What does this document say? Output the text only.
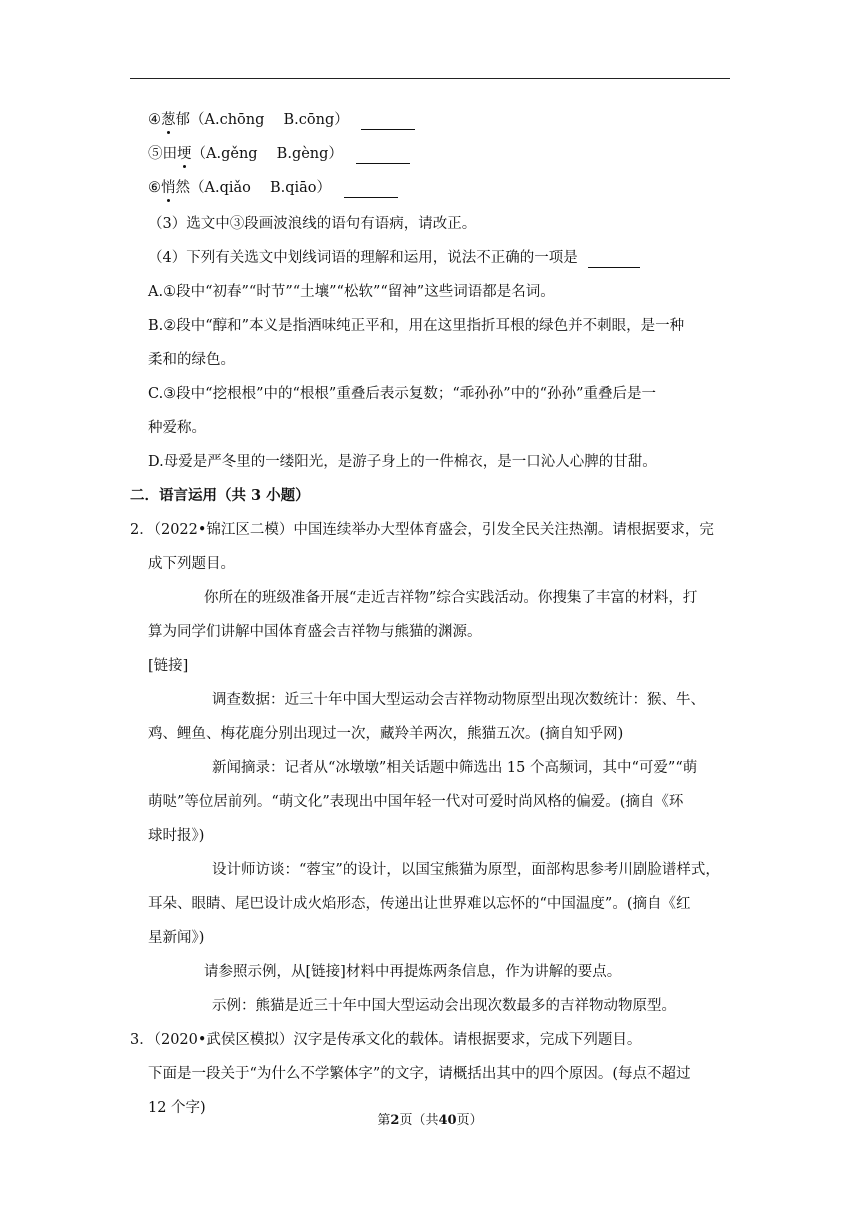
④葱郁（A.chōng　 B.cōng）
⑤田埂（A.gěng　 B.gèng）
⑥悄然（A.qiǎo　 B.qiāo）
（3）选文中③段画波浪线的语句有语病，请改正。
（4）下列有关选文中划线词语的理解和运用，说法不正确的一项是
A.①段中“初春”“时节”“土壤”“松软”“留神”这些词语都是名词。
B.②段中“醇和”本义是指酒味纯正平和，用在这里指折耳根的绿色并不刺眼，是一种
柔和的绿色。
C.③段中“挖根根”中的“根根”重叠后表示复数；“乖孙孙”中的“孙孙”重叠后是一
种爱称。
D.母爱是严冬里的一缕阳光，是游子身上的一件棉衣，是一口沁人心脾的甘甜。
二．语言运用（共 3 小题）
2．（2022•锦江区二模）中国连续举办大型体育盛会，引发全民关注热潮。请根据要求，完
成下列题目。
你所在的班级准备开展“走近吉祥物”综合实践活动。你搜集了丰富的材料，打
算为同学们讲解中国体育盛会吉祥物与熊猫的渊源。
[链接]
调查数据：近三十年中国大型运动会吉祥物动物原型出现次数统计：猴、牛、
鸡、鲤鱼、梅花鹿分别出现过一次，藏羚羊两次，熊猫五次。(摘自知乎网)
新闻摘录：记者从“冰墩墩”相关话题中筛选出 15 个高频词，其中“可爱”“萌
萌哒”等位居前列。“萌文化”表现出中国年轻一代对可爱时尚风格的偏爱。(摘自《环
球时报》)
设计师访谈：“蓉宝”的设计，以国宝熊猫为原型，面部构思参考川剧脸谱样式，
耳朵、眼睛、尾巴设计成火焰形态，传递出让世界难以忘怀的“中国温度”。(摘自《红
星新闻》)
请参照示例，从[链接]材料中再提炼两条信息，作为讲解的要点。
示例：熊猫是近三十年中国大型运动会出现次数最多的吉祥物动物原型。
3．（2020•武侯区模拟）汉字是传承文化的载体。请根据要求，完成下列题目。
下面是一段关于“为什么不学繁体字”的文字，请概括出其中的四个原因。(每点不超过
12 个字)
第2页（共40页）
